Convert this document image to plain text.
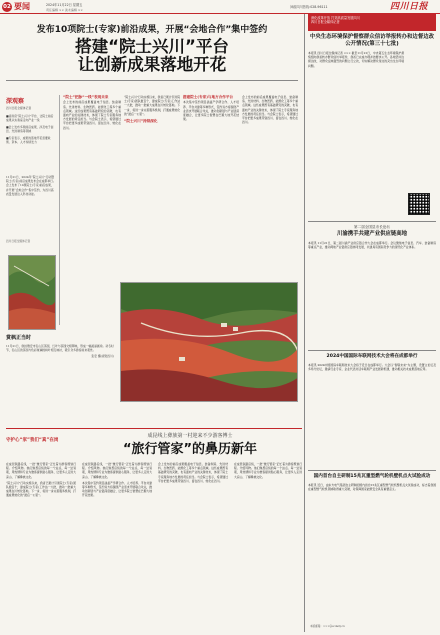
02 要闻	2024年11月22日 星期五
责任编辑 ×× 美术编辑 ××
问政四川热线:028-96111	四川日报
发布10项院士(专家)前沿成果，开展“会地合作”集中签约
搭建“院士兴川”平台
让创新成果落地开花
深观察
四川日报全媒体记者
■省政府“院士兴川”平台，让院士前沿成果从实验室走向产业一线
■会上发布多项前沿成果，涉及电子信息、先进制造等领域
■专家表示，成果的落地开花需要政策、资本、人才持续发力
11月21日，2024年“院士兴川”行动暨院士(专家)前沿成果发布会在成都举行。会上发布了10项院士(专家)前沿成果，并开展“会地合作”集中签约，为四川高质量发展注入科技动能。
四川日报全媒体记者
“院士”把脉“一线”表现未来
会上发布的前沿成果覆盖电子信息、装备制造、先进材料、生物医药、能源化工等多个重点领域。这些成果既有基础研究的突破，也有面向产业的关键技术，体现了院士专家服务地方发展的责任担当。与会院士表示，希望通过平台把更多成果带到四川、留在四川、转化在四川。
“院士兴川”行动实施以来，我省已累计引进院士(专家)团队数百个，建成院士(专家)工作站一大批，推动一批重大成果在川转化落地。下一步，将进一步完善服务机制，打通成果转化的“最后一公里”。
“院士兴川”持续深化
搭建院士(专家)与地方合作平台
本次集中签约项目涵盖产学研合作、人才培养、平台共建等多种形式，签约双方将围绕产业需求开展联合攻关，推动创新链与产业链深度融合，让更多院士智慧在巴蜀大地开花结果。
会上发布的前沿成果覆盖电子信息、装备制造、先进材料、生物医药、能源化工等多个重点领域。这些成果既有基础研究的突破，也有面向产业的关键技术，体现了院士专家服务地方发展的责任担当。与会院士表示，希望通过平台把更多成果带到四川、留在四川、转化在四川。
赏枫正当时
11月21日，航拍雅安市名山区茶园，红叶与茶园交相辉映，形成一幅美丽画卷。初冬时节，名山区的茶园与色彩斑斓的枫叶相互映衬，吸引众多游客前来观赏。
张宏 摄(视觉四川)
守护心“家”我们“真”在岗
成昆线上彝族第一村迎来不少游客博士
“旅行管家”的鼻历新年
在成昆铁路沿线，一批“旅行管家”正忙着为游客规划行程、介绍风物。他们熟悉沿线的每一个站点、每一处景观，用热情和专业为旅客提供贴心服务，让更多人走进大凉山、了解彝族文化。
“院士兴川”行动实施以来，我省已累计引进院士(专家)团队数百个，建成院士(专家)工作站一大批，推动一批重大成果在川转化落地。下一步，将进一步完善服务机制，打通成果转化的“最后一公里”。
在成昆铁路沿线，一批“旅行管家”正忙着为游客规划行程、介绍风物。他们熟悉沿线的每一个站点、每一处景观，用热情和专业为旅客提供贴心服务，让更多人走进大凉山、了解彝族文化。
本次集中签约项目涵盖产学研合作、人才培养、平台共建等多种形式，签约双方将围绕产业需求开展联合攻关，推动创新链与产业链深度融合，让更多院士智慧在巴蜀大地开花结果。
会上发布的前沿成果覆盖电子信息、装备制造、先进材料、生物医药、能源化工等多个重点领域。这些成果既有基础研究的突破，也有面向产业的关键技术，体现了院士专家服务地方发展的责任担当。与会院士表示，希望通过平台把更多成果带到四川、留在四川、转化在四川。
在成昆铁路沿线，一批“旅行管家”正忙着为游客规划行程、介绍风物。他们熟悉沿线的每一个站点、每一处景观，用热情和专业为旅客提供贴心服务，让更多人走进大凉山、了解彝族文化。
深化改革开放 打造高质量发展四川
四川日报全媒体记者
中央生态环境保护督察群众信访举报转办和边督边改公开情况(第三十七批)
本报讯 四川日报全媒体记者 ××× 截至11月21日，中央第五生态环境保护督察组向我省转办群众信访举报件，我省已完成办理并按要求公开。各地坚持边督边改，对群众反映强烈的问题立行立改，切实解决群众身边的突出生态环境问题。
第二届全国县市长论坛
川渝携手共建产业供应链高地
本报讯 11月21日，第二届川渝产业供应链合作大会在成都举行。会议聚焦电子信息、汽车、装备制造等重点产业，推动两地产业链供应链协同发展，共建具有国际竞争力的现代化产业体系。
2024中国国际车联网技术大会将在成都举行
本报讯 2024中国国际车联网技术大会将于近日在成都举行。大会以“智联未来”为主题，设置主论坛及多场分论坛，邀请行业专家、企业代表共话车联网产业发展新机遇，推动相关技术成果落地应用。
国内首台自主研制15兆瓦重型燃气轮机壁机点火试验成功
本报讯 近日，由东方电气集团自主研制的国内首台15兆瓦重型燃气轮机整机点火试验成功，标志着我国在重型燃气轮机领域取得重大突破，对保障国家能源安全具有重要意义。
本版邮箱：×××@scdaily.cn
